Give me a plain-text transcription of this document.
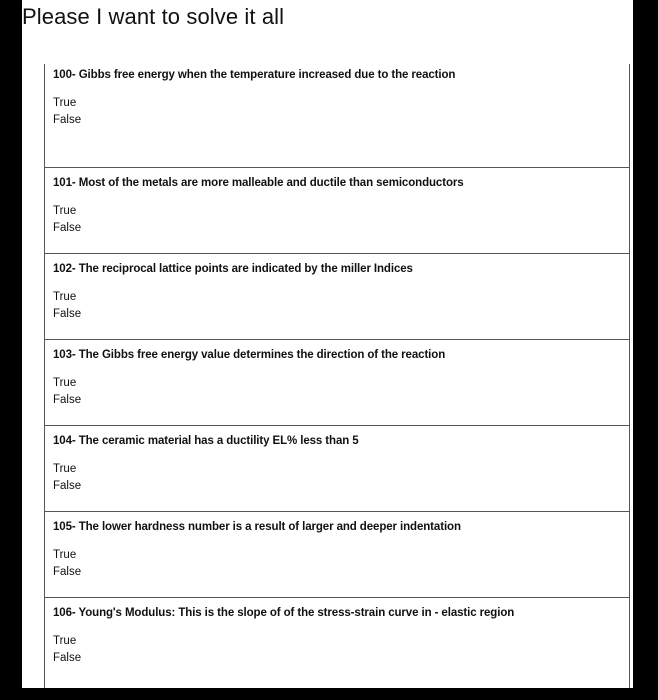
Please I want to solve it all

100- Gibbs free energy when the temperature increased due to the reaction

True

False

101- Most of the metals are more malleable and ductile than semiconductors

True

False

102- The reciprocal lattice points are indicated by the miller Indices

True

False

103- The Gibbs free energy value determines the direction of the reaction

True

False

104- The ceramic material has a ductility EL% less than 5

True

False

105- The lower hardness number is a result of larger and deeper indentation

True

False

106- Young's Modulus: This is the slope of of the stress-strain curve in - elastic region

True

False
